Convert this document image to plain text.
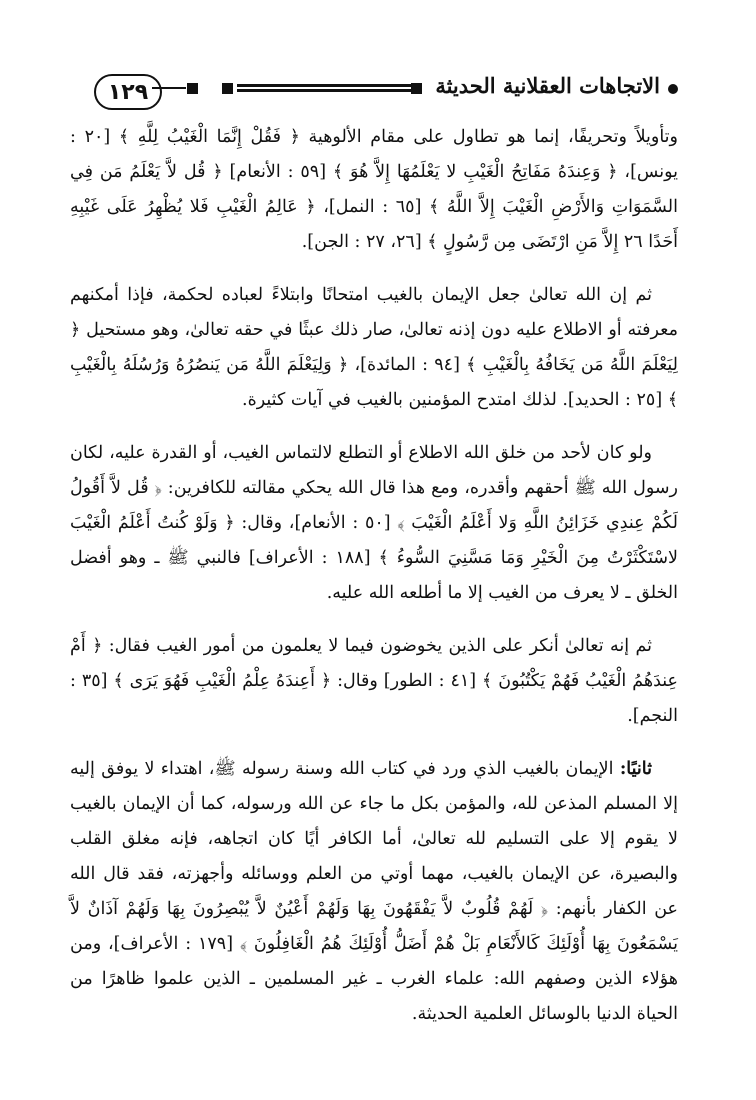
١٢٩	الاتجاهات العقلانية الحديثة

وتأويلاً وتحريفًا، إنما هو تطاول على مقام الألوهية ﴿ فَقُلْ إِنَّمَا الْغَيْبُ لِلَّهِ ﴾ [٢٠ : يونس]، ﴿ وَعِندَهُ مَفَاتِحُ الْغَيْبِ لا يَعْلَمُهَا إِلاَّ هُوَ ﴾ [٥٩ : الأنعام] ﴿ قُل لاَّ يَعْلَمُ مَن فِي السَّمَوَاتِ وَالأَرْضِ الْغَيْبَ إِلاَّ اللَّهُ ﴾ [٦٥ : النمل]، ﴿ عَالِمُ الْغَيْبِ فَلا يُظْهِرُ عَلَى غَيْبِهِ أَحَدًا ٢٦ إِلاَّ مَنِ ارْتَضَى مِن رَّسُولٍ ﴾ [٢٦، ٢٧ : الجن].

ثم إن الله تعالىٰ جعل الإيمان بالغيب امتحانًا وابتلاءً لعباده لحكمة، فإذا أمكنهم معرفته أو الاطلاع عليه دون إذنه تعالىٰ، صار ذلك عبثًا في حقه تعالىٰ، وهو مستحيل ﴿ لِيَعْلَمَ اللَّهُ مَن يَخَافُهُ بِالْغَيْبِ ﴾ [٩٤ : المائدة]، ﴿ وَلِيَعْلَمَ اللَّهُ مَن يَنصُرُهُ وَرُسُلَهُ بِالْغَيْبِ ﴾ [٢٥ : الحديد]. لذلك امتدح المؤمنين بالغيب في آيات كثيرة.

ولو كان لأحد من خلق الله الاطلاع أو التطلع لالتماس الغيب، أو القدرة عليه، لكان رسول الله ﷺ أحقهم وأقدره، ومع هذا قال الله يحكي مقالته للكافرين: ﴿ قُل لاَّ أَقُولُ لَكُمْ عِندِي خَزَائِنُ اللَّهِ وَلا أَعْلَمُ الْغَيْبَ ﴾ [٥٠ : الأنعام]، وقال: ﴿ وَلَوْ كُنتُ أَعْلَمُ الْغَيْبَ لاسْتَكْثَرْتُ مِنَ الْخَيْرِ وَمَا مَسَّنِيَ السُّوءُ ﴾ [١٨٨ : الأعراف] فالنبي ﷺ ـ وهو أفضل الخلق ـ لا يعرف من الغيب إلا ما أطلعه الله عليه.

ثم إنه تعالىٰ أنكر على الذين يخوضون فيما لا يعلمون من أمور الغيب فقال: ﴿ أَمْ عِندَهُمُ الْغَيْبُ فَهُمْ يَكْتُبُونَ ﴾ [٤١ : الطور] وقال: ﴿ أَعِندَهُ عِلْمُ الْغَيْبِ فَهُوَ يَرَى ﴾ [٣٥ : النجم].

ثانيًا: الإيمان بالغيب الذي ورد في كتاب الله وسنة رسوله ﷺ، اهتداء لا يوفق إليه إلا المسلم المذعن لله، والمؤمن بكل ما جاء عن الله ورسوله، كما أن الإيمان بالغيب لا يقوم إلا على التسليم لله تعالىٰ، أما الكافر أيًا كان اتجاهه، فإنه مغلق القلب والبصيرة، عن الإيمان بالغيب، مهما أوتي من العلم ووسائله وأجهزته، فقد قال الله عن الكفار بأنهم: ﴿ لَهُمْ قُلُوبٌ لاَّ يَفْقَهُونَ بِهَا وَلَهُمْ أَعْيُنٌ لاَّ يُبْصِرُونَ بِهَا وَلَهُمْ آذَانٌ لاَّ يَسْمَعُونَ بِهَا أُوْلَئِكَ كَالأَنْعَامِ بَلْ هُمْ أَضَلُّ أُوْلَئِكَ هُمُ الْغَافِلُونَ ﴾ [١٧٩ : الأعراف]، ومن هؤلاء الذين وصفهم الله: علماء الغرب ـ غير المسلمين ـ الذين علموا ظاهرًا من الحياة الدنيا بالوسائل العلمية الحديثة.
